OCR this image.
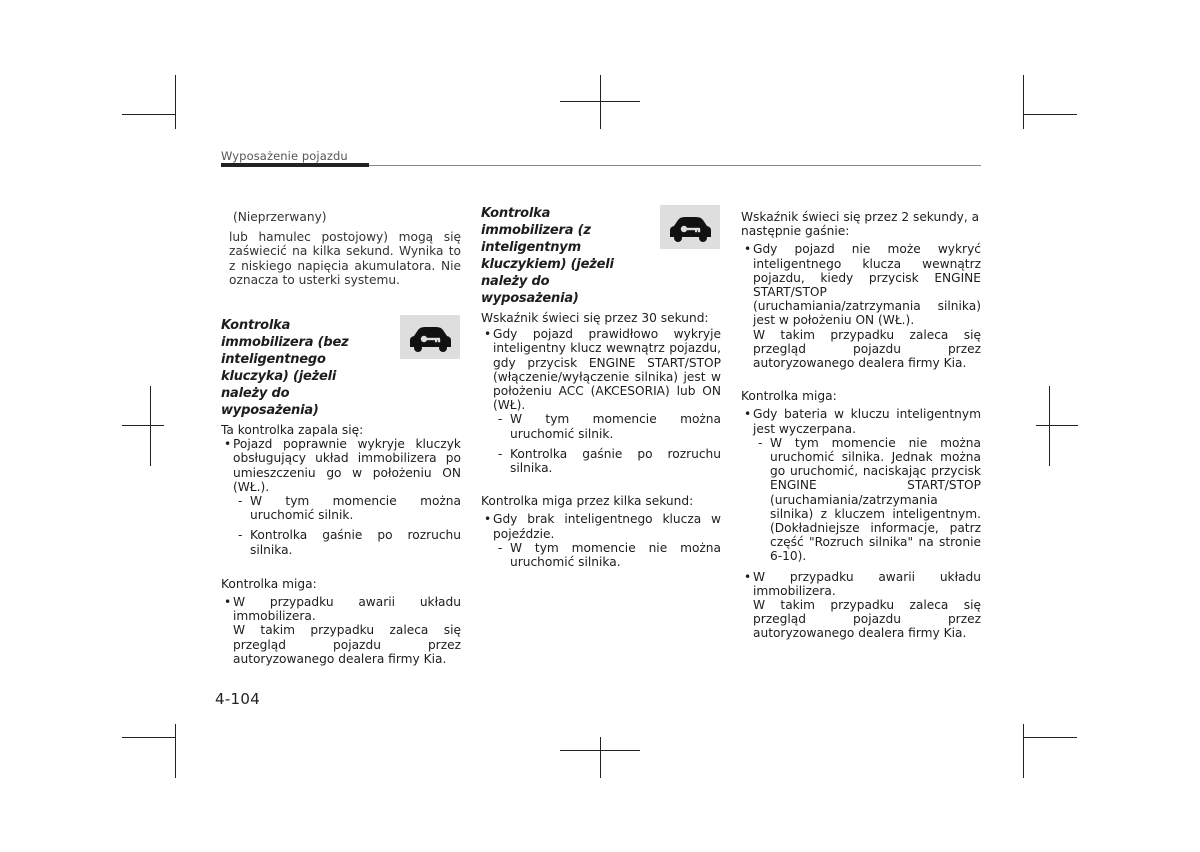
Wyposażenie pojazdu

(Nieprzerwany)

lub hamulec postojowy) mogą się zaświecić na kilka sekund. Wynika to z niskiego napięcia akumulatora. Nie oznacza to usterki systemu.

Kontrolka immobilizera (bez inteligentnego kluczyka) (jeżeli należy do wyposażenia)

Ta kontrolka zapala się:

• Pojazd poprawnie wykryje kluczyk obsługujący układ immobilizera po umieszczeniu go w położeniu ON (WŁ.).

- W tym momencie można uruchomić silnik.

- Kontrolka gaśnie po rozruchu silnika.

Kontrolka miga:

• W przypadku awarii układu immobilizera.

W takim przypadku zaleca się przegląd pojazdu przez autoryzowanego dealera firmy Kia.

Kontrolka immobilizera (z inteligentnym kluczykiem) (jeżeli należy do wyposażenia)

Wskaźnik świeci się przez 30 sekund:

• Gdy pojazd prawidłowo wykryje inteligentny klucz wewnątrz pojazdu, gdy przycisk ENGINE START/STOP (włączenie/wyłączenie silnika) jest w położeniu ACC (AKCESORIA) lub ON (WŁ).

- W tym momencie można uruchomić silnik.

- Kontrolka gaśnie po rozruchu silnika.

Kontrolka miga przez kilka sekund:

• Gdy brak inteligentnego klucza w pojeździe.

- W tym momencie nie można uruchomić silnika.

Wskaźnik świeci się przez 2 sekundy, a następnie gaśnie:

• Gdy pojazd nie może wykryć inteligentnego klucza wewnątrz pojazdu, kiedy przycisk ENGINE START/STOP (uruchamiania/zatrzymania silnika) jest w położeniu ON (WŁ.).

W takim przypadku zaleca się przegląd pojazdu przez autoryzowanego dealera firmy Kia.

Kontrolka miga:

• Gdy bateria w kluczu inteligentnym jest wyczerpana.

- W tym momencie nie można uruchomić silnika. Jednak można go uruchomić, naciskając przycisk ENGINE START/STOP (uruchamiania/zatrzymania silnika) z kluczem inteligentnym. (Dokładniejsze informacje, patrz część "Rozruch silnika" na stronie 6-10).

• W przypadku awarii układu immobilizera.

W takim przypadku zaleca się przegląd pojazdu przez autoryzowanego dealera firmy Kia.

4-104
